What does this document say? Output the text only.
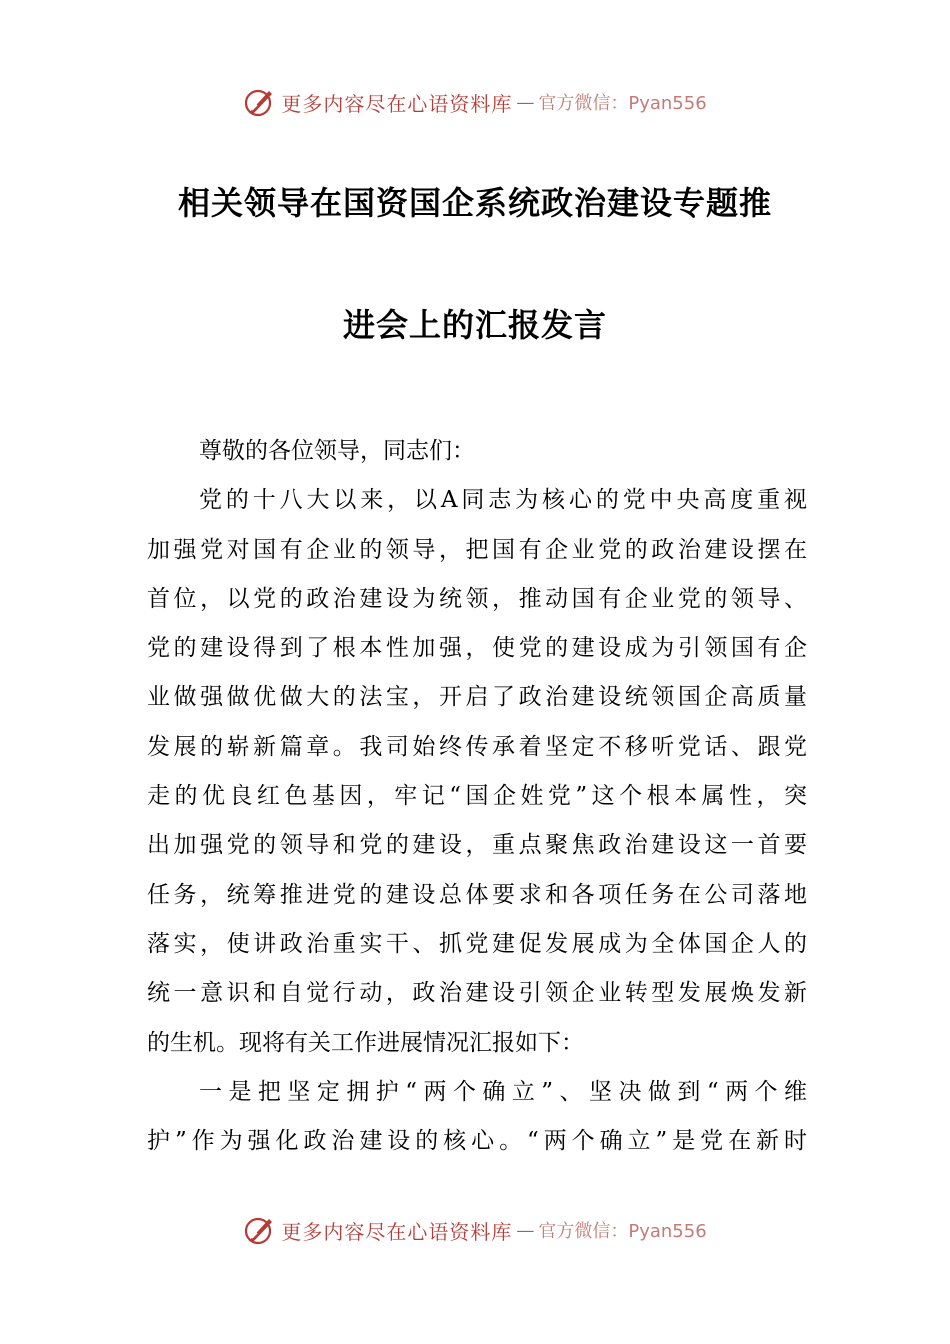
更多内容尽在心语资料库 — 官方微信：Pyan556
相关领导在国资国企系统政治建设专题推
进会上的汇报发言
尊敬的各位领导，同志们：
党的十八大以来，以A同志为核心的党中央高度重视
加强党对国有企业的领导，把国有企业党的政治建设摆在
首位，以党的政治建设为统领，推动国有企业党的领导、
党的建设得到了根本性加强，使党的建设成为引领国有企
业做强做优做大的法宝，开启了政治建设统领国企高质量
发展的崭新篇章。我司始终传承着坚定不移听党话、跟党
走的优良红色基因，牢记“国企姓党”这个根本属性，突
出加强党的领导和党的建设，重点聚焦政治建设这一首要
任务，统筹推进党的建设总体要求和各项任务在公司落地
落实，使讲政治重实干、抓党建促发展成为全体国企人的
统一意识和自觉行动，政治建设引领企业转型发展焕发新
的生机。现将有关工作进展情况汇报如下：
一是把坚定拥护“两个确立”、坚决做到“两个维
护”作为强化政治建设的核心。“两个确立”是党在新时
更多内容尽在心语资料库 — 官方微信：Pyan556
